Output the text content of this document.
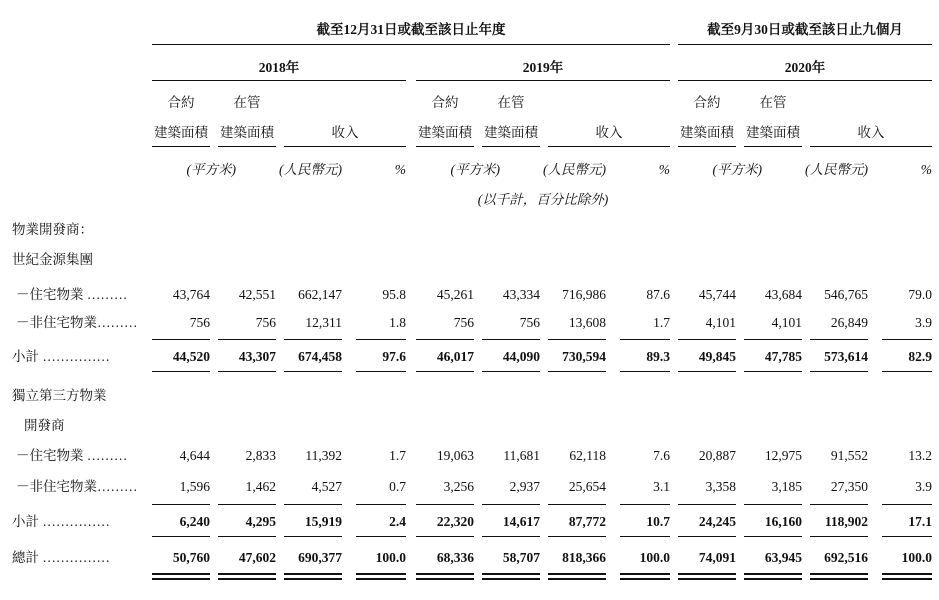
截至12月31日或截至該日止年度	截至9月30日或截至該日止九個月
2018年	2019年	2020年
合約
建築面積
在管
建築面積	收入
合約
建築面積
在管
建築面積	收入
合約
建築面積
在管
建築面積	收入
(平方米)	(人民幣元)	%	(平方米)	(人民幣元)	%	(平方米)	(人民幣元)	%
(以千計，百分比除外)
物業開發商：
世紀金源集團
獨立第三方物業
開發商
－住宅物業 ………	43,764	42,551	662,147	95.8	45,261	43,334	716,986	87.6	45,744	43,684	546,765	79.0
－非住宅物業………	756	756	12,311	1.8	756	756	13,608	1.7	4,101	4,101	26,849	3.9
小計 ……………	44,520	43,307	674,458	97.6	46,017	44,090	730,594	89.3	49,845	47,785	573,614	82.9
－住宅物業 ………	4,644	2,833	11,392	1.7	19,063	11,681	62,118	7.6	20,887	12,975	91,552	13.2
－非住宅物業………	1,596	1,462	4,527	0.7	3,256	2,937	25,654	3.1	3,358	3,185	27,350	3.9
小計 ……………	6,240	4,295	15,919	2.4	22,320	14,617	87,772	10.7	24,245	16,160	118,902	17.1
總計 ……………	50,760	47,602	690,377	100.0	68,336	58,707	818,366	100.0	74,091	63,945	692,516	100.0
